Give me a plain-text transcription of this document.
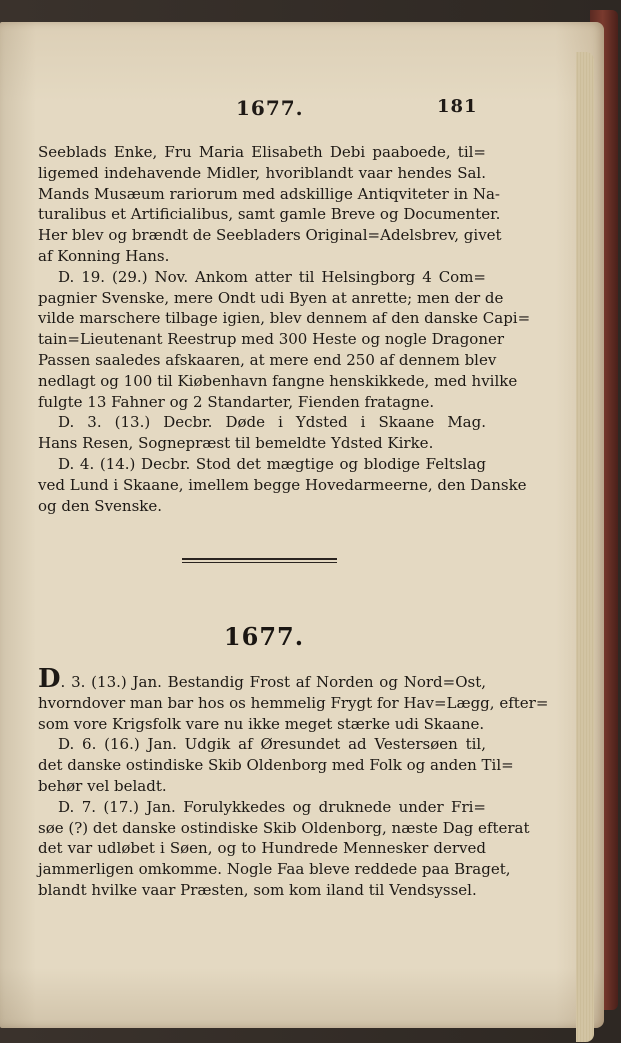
1677.	181
Seeblads Enke, Fru Maria Elisabeth Debi paaboede, til=
ligemed indehavende Midler, hvoriblandt vaar hendes Sal.
Mands Musæum rariorum med adskillige Antiqviteter in Na-
turalibus et Artificialibus, samt gamle Breve og Documenter.
Her blev og brændt de Seebladers Original=Adelsbrev, givet
af Konning Hans.
D. 19. (29.) Nov. Ankom atter til Helsingborg 4 Com=
pagnier Svenske, mere Ondt udi Byen at anrette; men der de
vilde marschere tilbage igien, blev dennem af den danske Capi=
tain=Lieutenant Reestrup med 300 Heste og nogle Dragoner
Passen saaledes afskaaren, at mere end 250 af dennem blev
nedlagt og 100 til Kiøbenhavn fangne henskikkede, med hvilke
fulgte 13 Fahner og 2 Standarter, Fienden fratagne.
D. 3. (13.) Decbr. Døde i Ydsted i Skaane Mag.
Hans Resen, Sognepræst til bemeldte Ydsted Kirke.
D. 4. (14.) Decbr. Stod det mægtige og blodige Feltslag
ved Lund i Skaane, imellem begge Hovedarmeerne, den Danske
og den Svenske.
1677.
D. 3. (13.) Jan. Bestandig Frost af Norden og Nord=Ost,
hvorndover man bar hos os hemmelig Frygt for Hav=Lægg, efter=
som vore Krigsfolk vare nu ikke meget stærke udi Skaane.
D. 6. (16.) Jan. Udgik af Øresundet ad Vestersøen til,
det danske ostindiske Skib Oldenborg med Folk og anden Til=
behør vel beladt.
D. 7. (17.) Jan. Forulykkedes og druknede under Fri=
søe (?) det danske ostindiske Skib Oldenborg, næste Dag efterat
det var udløbet i Søen, og to Hundrede Mennesker derved
jammerligen omkomme. Nogle Faa bleve reddede paa Braget,
blandt hvilke vaar Præsten, som kom iland til Vendsyssel.
